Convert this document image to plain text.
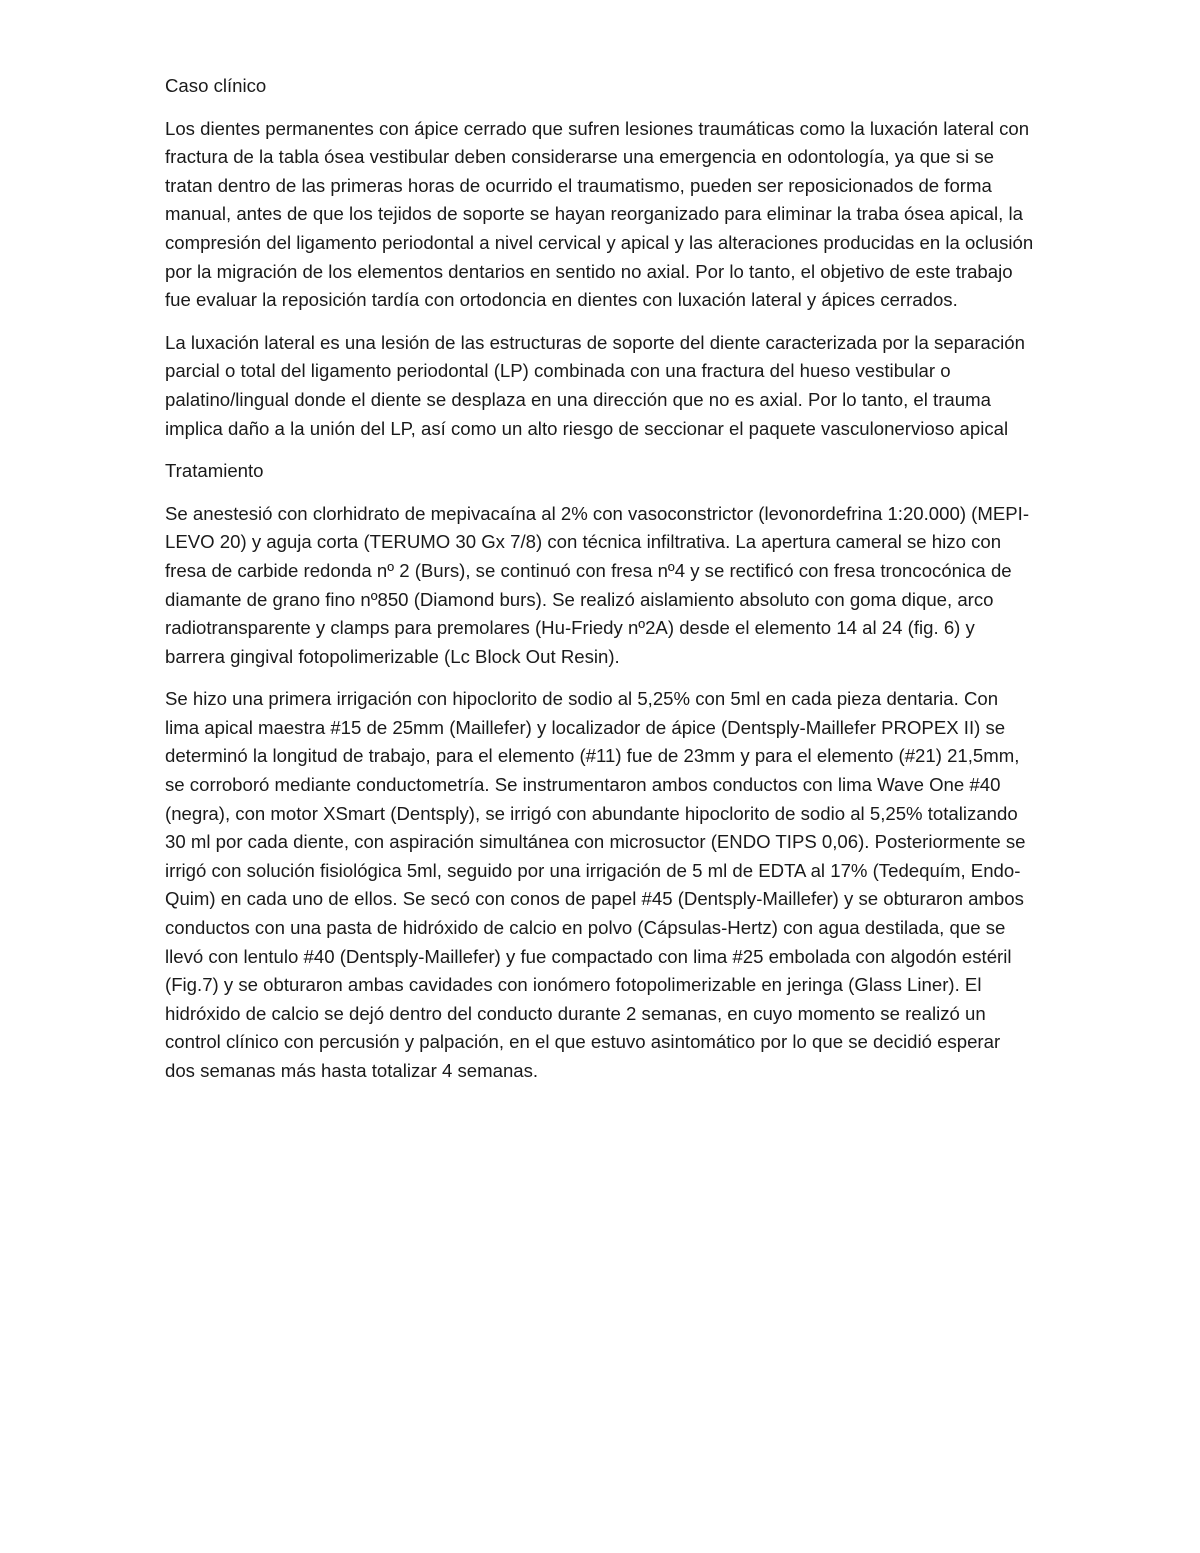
Caso clínico

Los dientes permanentes con ápice cerrado que sufren lesiones traumáticas como la luxación lateral con fractura de la tabla ósea vestibular deben considerarse una emergencia en odontología, ya que si se tratan dentro de las primeras horas de ocurrido el traumatismo, pueden ser reposicionados de forma manual, antes de que los tejidos de soporte se hayan reorganizado para eliminar la traba ósea apical, la compresión del ligamento periodontal a nivel cervical y apical y las alteraciones producidas en la oclusión por la migración de los elementos dentarios en sentido no axial. Por lo tanto, el objetivo de este trabajo fue evaluar la reposición tardía con ortodoncia en dientes con luxación lateral y ápices cerrados.

La luxación lateral es una lesión de las estructuras de soporte del diente caracterizada por la separación parcial o total del ligamento periodontal (LP) combinada con una fractura del hueso vestibular o palatino/lingual donde el diente se desplaza en una dirección que no es axial. Por lo tanto, el trauma implica daño a la unión del LP, así como un alto riesgo de seccionar el paquete vasculonervioso apical

Tratamiento

Se anestesió con clorhidrato de mepivacaína al 2% con vasoconstrictor (levonordefrina 1:20.000) (MEPI-LEVO 20) y aguja corta (TERUMO 30 Gx 7/8) con técnica infiltrativa. La apertura cameral se hizo con fresa de carbide redonda nº 2 (Burs), se continuó con fresa nº4 y se rectificó con fresa troncocónica de diamante de grano fino nº850 (Diamond burs). Se realizó aislamiento absoluto con goma dique, arco radiotransparente y clamps para premolares (Hu-Friedy nº2A) desde el elemento 14 al 24 (fig. 6) y barrera gingival fotopolimerizable (Lc Block Out Resin).

Se hizo una primera irrigación con hipoclorito de sodio al 5,25% con 5ml en cada pieza dentaria. Con lima apical maestra #15 de 25mm (Maillefer) y localizador de ápice (Dentsply-Maillefer PROPEX II) se determinó la longitud de trabajo, para el elemento (#11) fue de 23mm y para el elemento (#21) 21,5mm, se corroboró mediante conductometría. Se instrumentaron ambos conductos con lima Wave One #40 (negra), con motor XSmart (Dentsply), se irrigó con abundante hipoclorito de sodio al 5,25% totalizando 30 ml por cada diente, con aspiración simultánea con microsuctor (ENDO TIPS 0,06). Posteriormente se irrigó con solución fisiológica 5ml, seguido por una irrigación de 5 ml de EDTA al 17% (Tedequím, Endo-Quim) en cada uno de ellos. Se secó con conos de papel #45 (Dentsply-Maillefer) y se obturaron ambos conductos con una pasta de hidróxido de calcio en polvo (Cápsulas-Hertz) con agua destilada, que se llevó con lentulo #40 (Dentsply-Maillefer) y fue compactado con lima #25 embolada con algodón estéril (Fig.7) y se obturaron ambas cavidades con ionómero fotopolimerizable en jeringa (Glass Liner). El hidróxido de calcio se dejó dentro del conducto durante 2 semanas, en cuyo momento se realizó un control clínico con percusión y palpación, en el que estuvo asintomático por lo que se decidió esperar dos semanas más hasta totalizar 4 semanas.
